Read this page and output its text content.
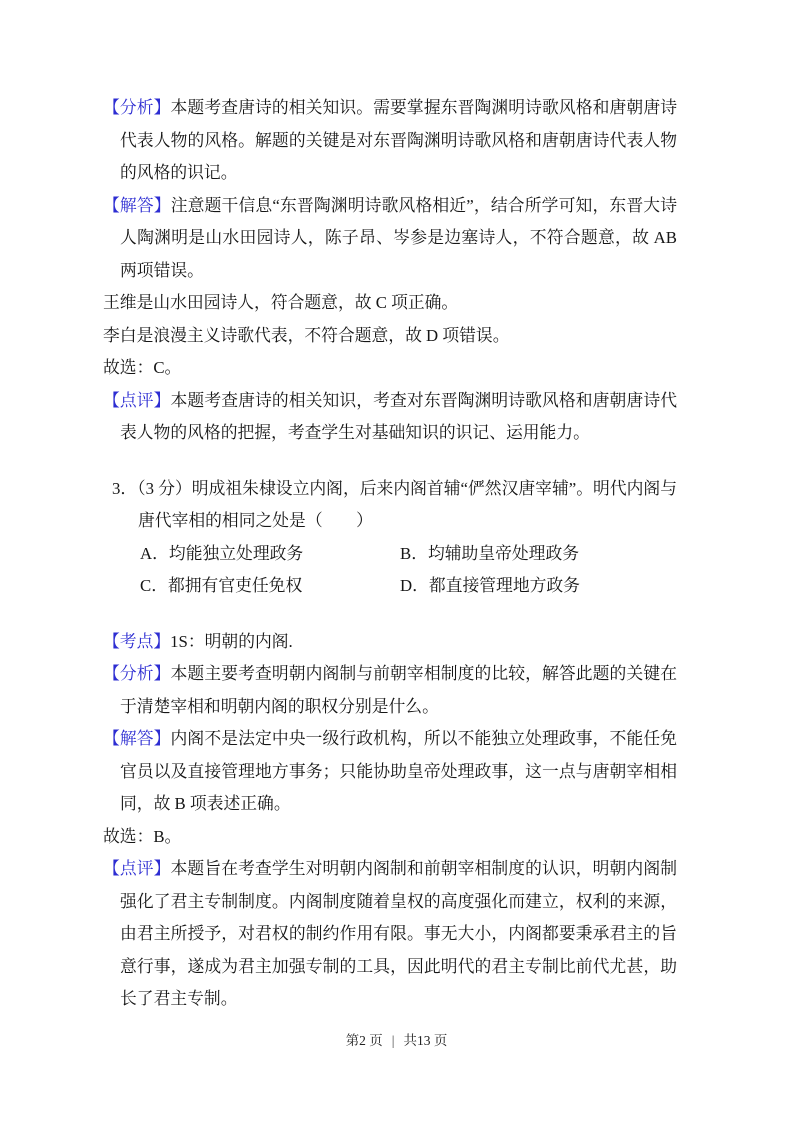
【分析】本题考查唐诗的相关知识。需要掌握东晋陶渊明诗歌风格和唐朝唐诗代表人物的风格。解题的关键是对东晋陶渊明诗歌风格和唐朝唐诗代表人物的风格的识记。

【解答】注意题干信息“东晋陶渊明诗歌风格相近”，结合所学可知，东晋大诗人陶渊明是山水田园诗人，陈子昂、岑参是边塞诗人，不符合题意，故 AB 两项错误。

王维是山水田园诗人，符合题意，故 C 项正确。

李白是浪漫主义诗歌代表，不符合题意，故 D 项错误。

故选：C。

【点评】本题考查唐诗的相关知识，考查对东晋陶渊明诗歌风格和唐朝唐诗代表人物的风格的把握，考查学生对基础知识的识记、运用能力。

3．（3 分）明成祖朱棣设立内阁，后来内阁首辅“俨然汉唐宰辅”。明代内阁与唐代宰相的相同之处是（　　）

A．均能独立处理政务	B．均辅助皇帝处理政务
C．都拥有官吏任免权	D．都直接管理地方政务

【考点】1S：明朝的内阁.

【分析】本题主要考查明朝内阁制与前朝宰相制度的比较，解答此题的关键在于清楚宰相和明朝内阁的职权分别是什么。

【解答】内阁不是法定中央一级行政机构，所以不能独立处理政事，不能任免官员以及直接管理地方事务；只能协助皇帝处理政事，这一点与唐朝宰相相同，故 B 项表述正确。

故选：B。

【点评】本题旨在考查学生对明朝内阁制和前朝宰相制度的认识，明朝内阁制强化了君主专制制度。内阁制度随着皇权的高度强化而建立，权利的来源，由君主所授予，对君权的制约作用有限。事无大小，内阁都要秉承君主的旨意行事，遂成为君主加强专制的工具，因此明代的君主专制比前代尤甚，助长了君主专制。

第2 页 | 共13 页
